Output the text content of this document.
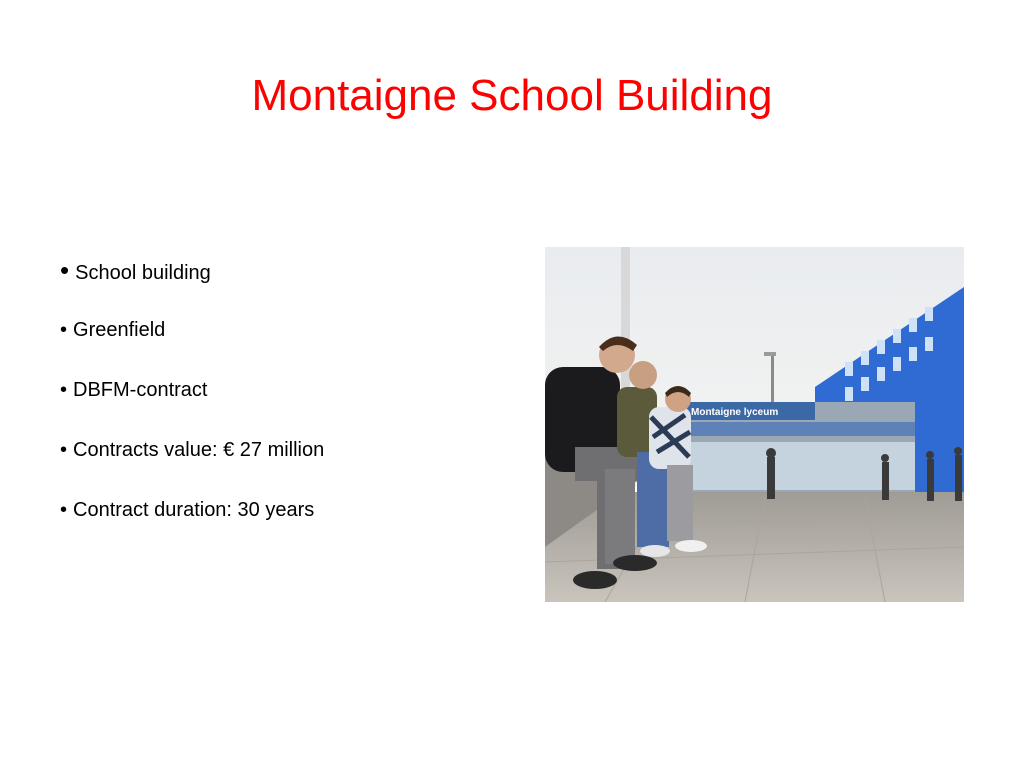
Montaigne School Building
• School building
• Greenfield
• DBFM-contract
• Contracts value: € 27 million
• Contract duration: 30 years
Montaigne lyceum
